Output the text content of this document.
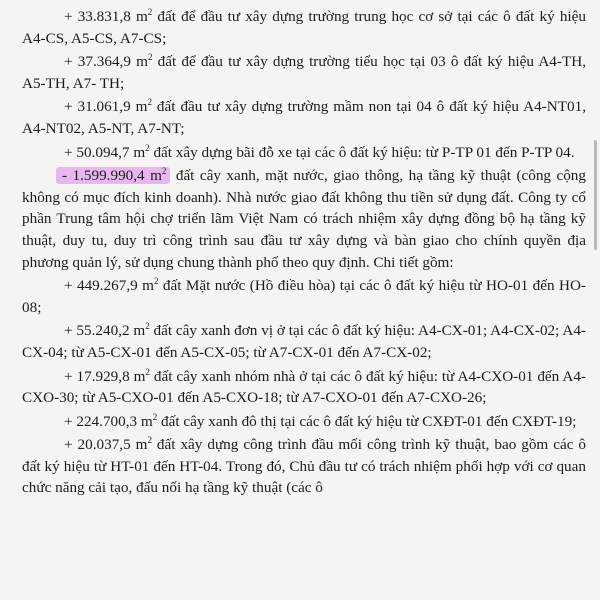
+ 33.831,8 $m^2$ đất để đầu tư xây dựng trường trung học cơ sở tại các ô đất ký hiệu A4-CS, A5-CS, A7-CS;

+ 37.364,9 $m^2$ đất để đầu tư xây dựng trường tiểu học tại 03 ô đất ký hiệu A4-TH, A5-TH, A7- TH;

+ 31.061,9 $m^2$ đất đầu tư xây dựng trường mầm non tại 04 ô đất ký hiệu A4-NT01, A4-NT02, A5-NT, A7-NT;

+ 50.094,7 $m^2$ đất xây dựng bãi đỗ xe tại các ô đất ký hiệu: từ P-TP 01 đến P-TP 04.

- 1.599.990,4 $m^2$ đất cây xanh, mặt nước, giao thông, hạ tầng kỹ thuật (công cộng không có mục đích kinh doanh). Nhà nước giao đất không thu tiền sử dụng đất. Công ty cổ phần Trung tâm hội chợ triển lãm Việt Nam có trách nhiệm xây dựng đồng bộ hạ tầng kỹ thuật, duy tu, duy trì công trình sau đầu tư xây dựng và bàn giao cho chính quyền địa phương quản lý, sử dụng chung thành phố theo quy định. Chi tiết gồm:

+ 449.267,9 $m^2$ đất Mặt nước (Hồ điều hòa) tại các ô đất ký hiệu từ HO-01 đến HO-08;

+ 55.240,2 $m^2$ đất cây xanh đơn vị ở tại các ô đất ký hiệu: A4-CX-01; A4-CX-02; A4-CX-04; từ A5-CX-01 đến A5-CX-05; từ A7-CX-01 đến A7-CX-02;

+ 17.929,8 $m^2$ đất cây xanh nhóm nhà ở tại các ô đất ký hiệu: từ A4-CXO-01 đến A4-CXO-30; từ A5-CXO-01 đến A5-CXO-18; từ A7-CXO-01 đến A7-CXO-26;

+ 224.700,3 $m^2$ đất cây xanh đô thị tại các ô đất ký hiệu từ CXĐT-01 đến CXĐT-19;

+ 20.037,5 $m^2$ đất xây dựng công trình đầu mối công trình kỹ thuật, bao gồm các ô đất ký hiệu từ HT-01 đến HT-04. Trong đó, Chủ đầu tư có trách nhiệm phối hợp với cơ quan chức năng cải tạo, đấu nối hạ tầng kỹ thuật (các ô
